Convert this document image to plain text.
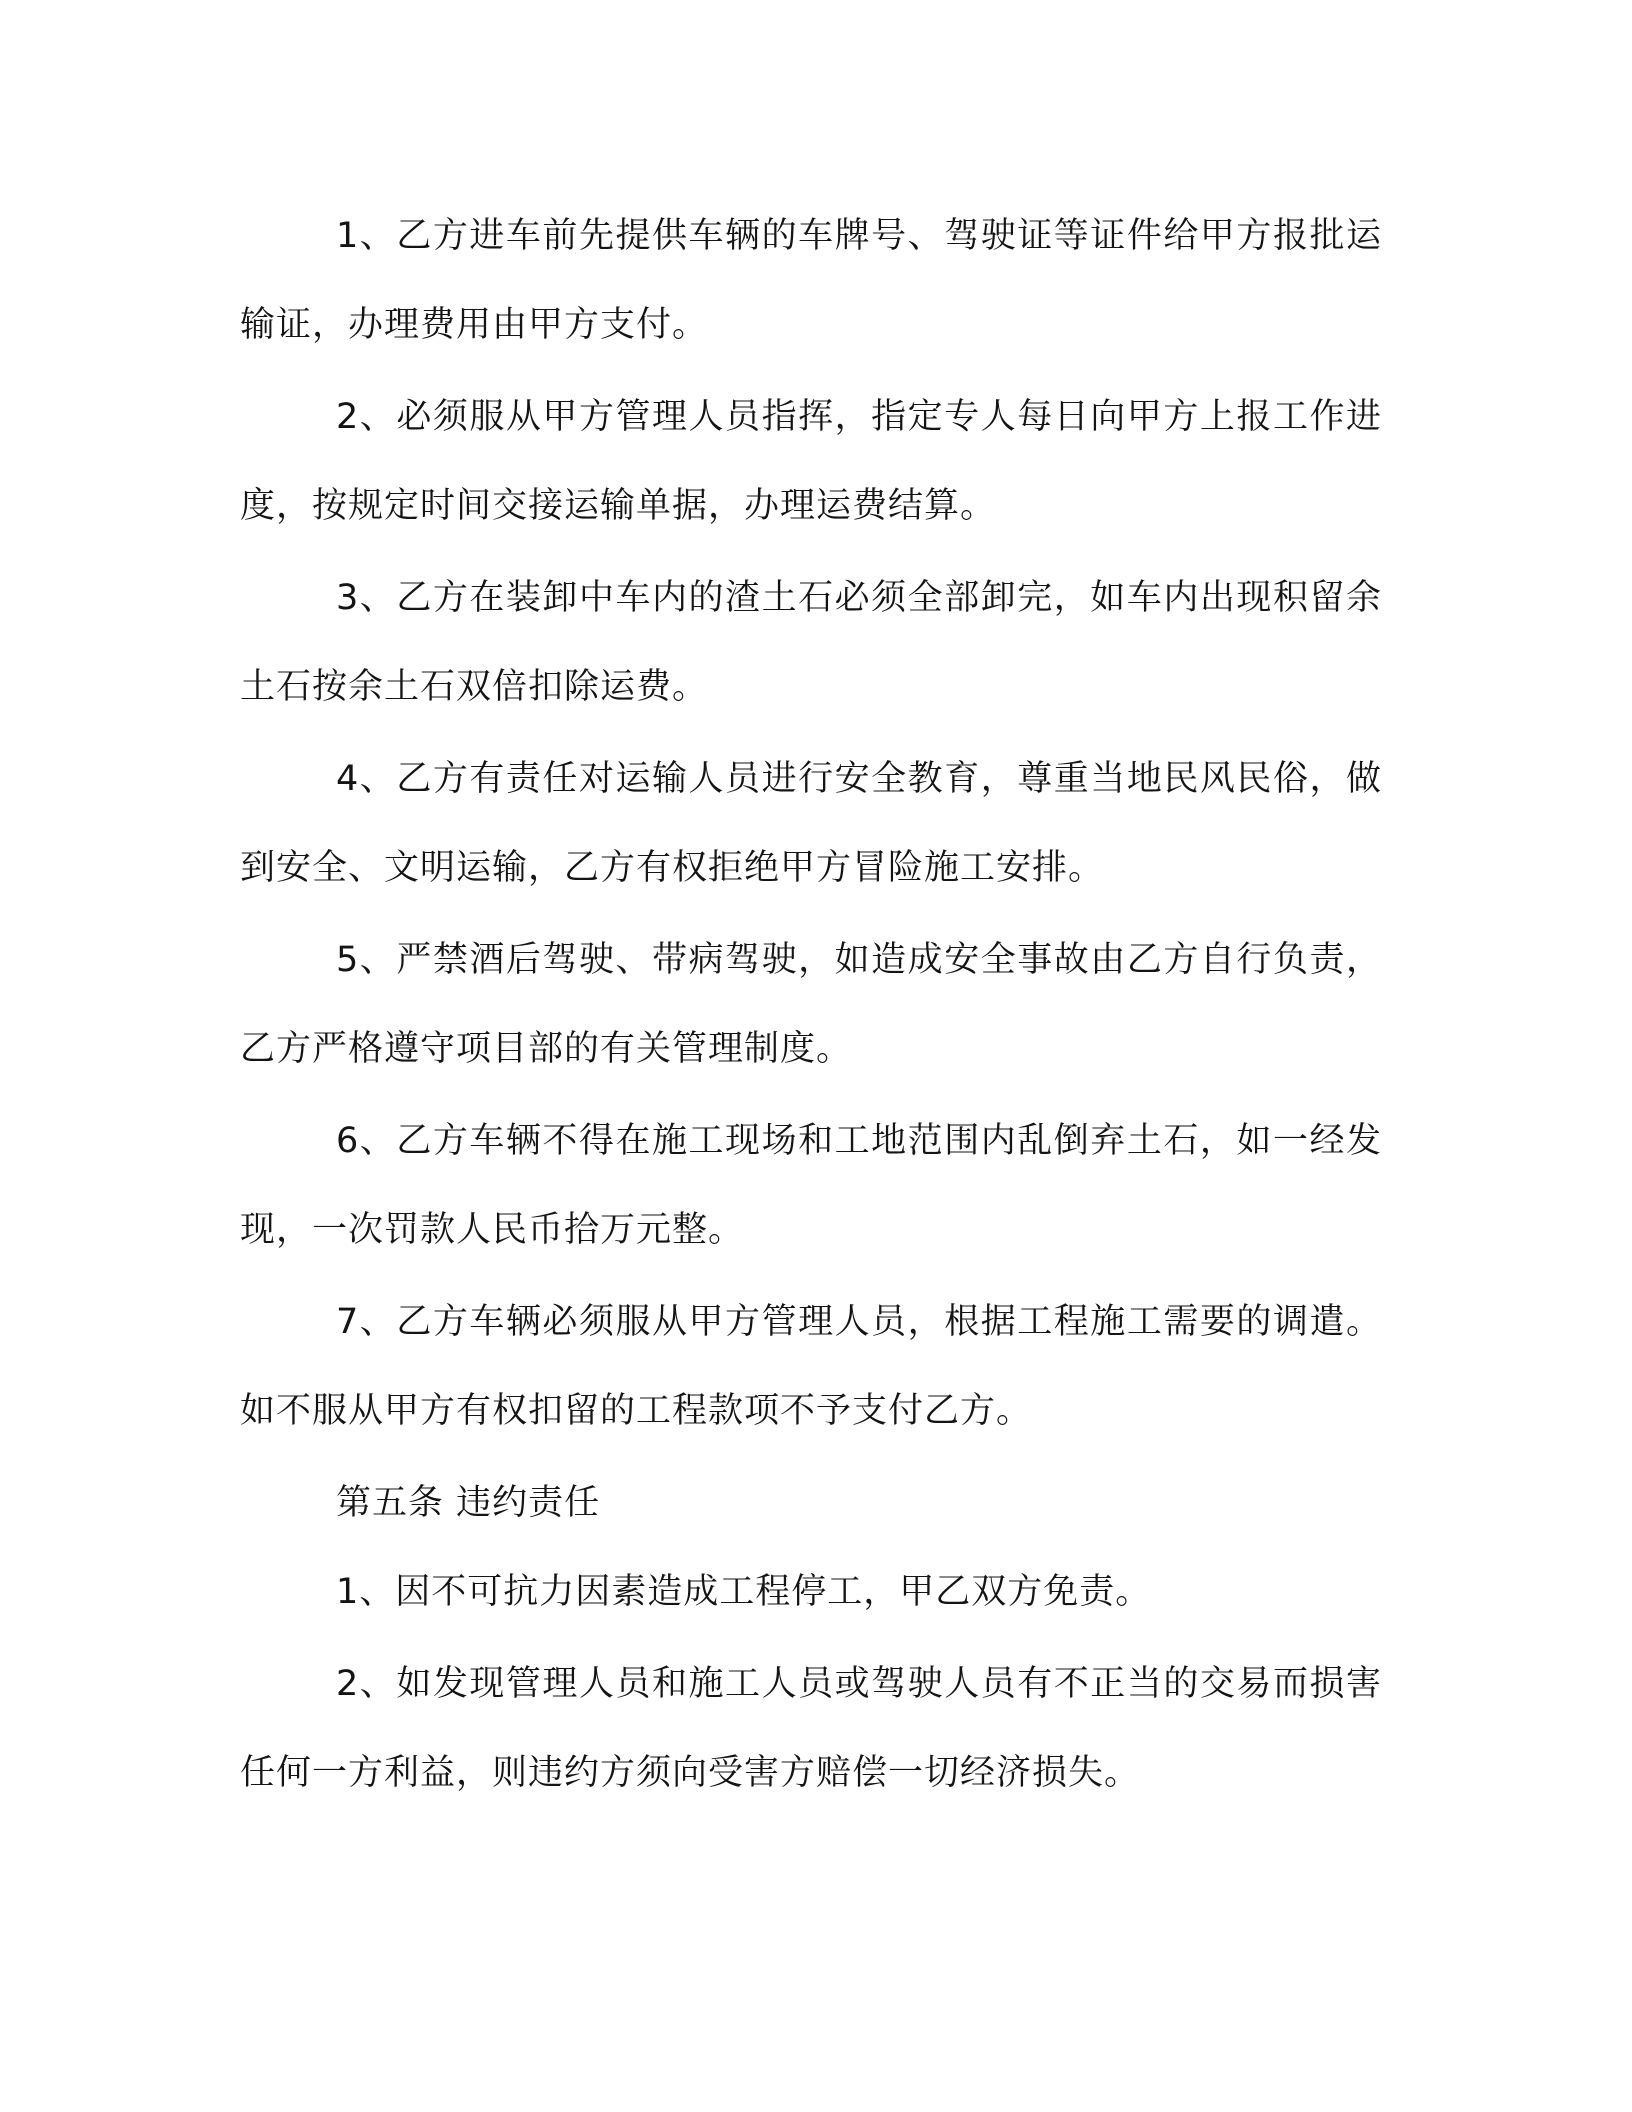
1、乙方进车前先提供车辆的车牌号、驾驶证等证件给甲方报批运输证，办理费用由甲方支付。

2、必须服从甲方管理人员指挥，指定专人每日向甲方上报工作进度，按规定时间交接运输单据，办理运费结算。

3、乙方在装卸中车内的渣土石必须全部卸完，如车内出现积留余土石按余土石双倍扣除运费。

4、乙方有责任对运输人员进行安全教育，尊重当地民风民俗，做到安全、文明运输，乙方有权拒绝甲方冒险施工安排。

5、严禁酒后驾驶、带病驾驶，如造成安全事故由乙方自行负责，乙方严格遵守项目部的有关管理制度。

6、乙方车辆不得在施工现场和工地范围内乱倒弃土石，如一经发现，一次罚款人民币拾万元整。

7、乙方车辆必须服从甲方管理人员，根据工程施工需要的调遣。如不服从甲方有权扣留的工程款项不予支付乙方。

第五条 违约责任

1、因不可抗力因素造成工程停工，甲乙双方免责。

2、如发现管理人员和施工人员或驾驶人员有不正当的交易而损害任何一方利益，则违约方须向受害方赔偿一切经济损失。
